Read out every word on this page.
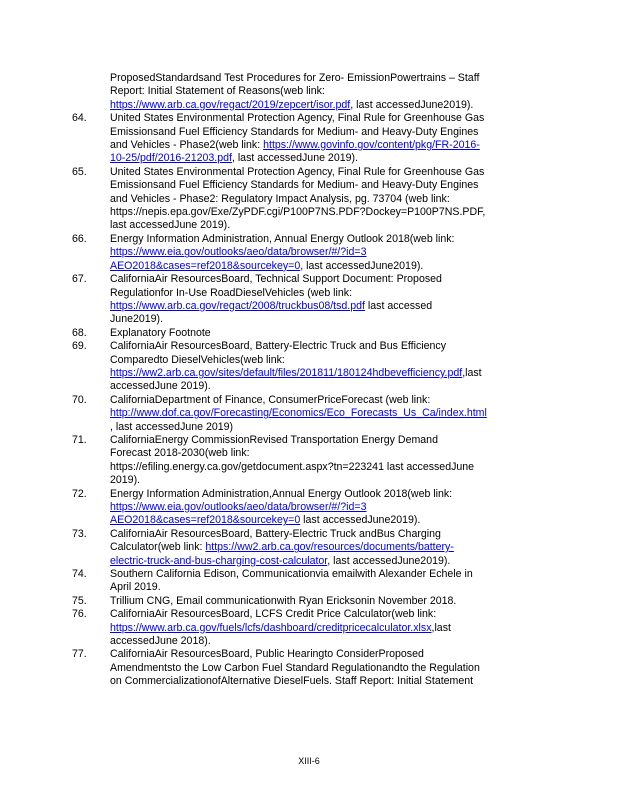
ProposedStandardsand Test Procedures for Zero- EmissionPowertrains – Staff
Report: Initial Statement of Reasons(web link:
https://www.arb.ca.gov/regact/2019/zepcert/isor.pdf, last accessedJune2019).
64.	United States Environmental Protection Agency, Final Rule for Greenhouse Gas
Emissionsand Fuel Efficiency Standards for Medium- and Heavy-Duty Engines
and Vehicles - Phase2(web link: https://www.govinfo.gov/content/pkg/FR-2016-
10-25/pdf/2016-21203.pdf, last accessedJune 2019).
65.	United States Environmental Protection Agency, Final Rule for Greenhouse Gas
Emissionsand Fuel Efficiency Standards for Medium- and Heavy-Duty Engines
and Vehicles - Phase2: Regulatory Impact Analysis, pg. 73704 (web link:
https://nepis.epa.gov/Exe/ZyPDF.cgi/P100P7NS.PDF?Dockey=P100P7NS.PDF,
last accessedJune 2019).
66.	Energy Information Administration, Annual Energy Outlook 2018(web link:
https://www.eia.gov/outlooks/aeo/data/browser/#/?id=3
AEO2018&cases=ref2018&sourcekey=0, last accessedJune2019).
67.	CaliforniaAir ResourcesBoard, Technical Support Document: Proposed
Regulationfor In-Use RoadDieselVehicles (web link:
https://www.arb.ca.gov/regact/2008/truckbus08/tsd.pdf last accessed
June2019).
68.	Explanatory Footnote
69.	CaliforniaAir ResourcesBoard, Battery-Electric Truck and Bus Efficiency
Comparedto DieselVehicles(web link:
https://ww2.arb.ca.gov/sites/default/files/201811/180124hdbevefficiency.pdf,last
accessedJune 2019).
70.	CaliforniaDepartment of Finance, ConsumerPriceForecast (web link:
http://www.dof.ca.gov/Forecasting/Economics/Eco_Forecasts_Us_Ca/index.html
, last accessedJune 2019)
71.	CaliforniaEnergy CommissionRevised Transportation Energy Demand
Forecast 2018-2030(web link:
https://efiling.energy.ca.gov/getdocument.aspx?tn=223241 last accessedJune
2019).
72.	Energy Information Administration,Annual Energy Outlook 2018(web link:
https://www.eia.gov/outlooks/aeo/data/browser/#/?id=3
AEO2018&cases=ref2018&sourcekey=0 last accessedJune2019).
73.	CaliforniaAir ResourcesBoard, Battery-Electric Truck andBus Charging
Calculator(web link: https://ww2.arb.ca.gov/resources/documents/battery-
electric-truck-and-bus-charging-cost-calculator, last accessedJune2019).
74.	Southern California Edison, Communicationvia emailwith Alexander Echele in
April 2019.
75.	Trillium CNG, Email communicationwith Ryan Ericksonin November 2018.
76.	CaliforniaAir ResourcesBoard, LCFS Credit Price Calculator(web link:
https://www.arb.ca.gov/fuels/lcfs/dashboard/creditpricecalculator.xlsx,last
accessedJune 2018).
77.	CaliforniaAir ResourcesBoard, Public Hearingto ConsiderProposed
Amendmentsto the Low Carbon Fuel Standard Regulationandto the Regulation
on CommercializationofAlternative DieselFuels. Staff Report: Initial Statement
XIII-6
